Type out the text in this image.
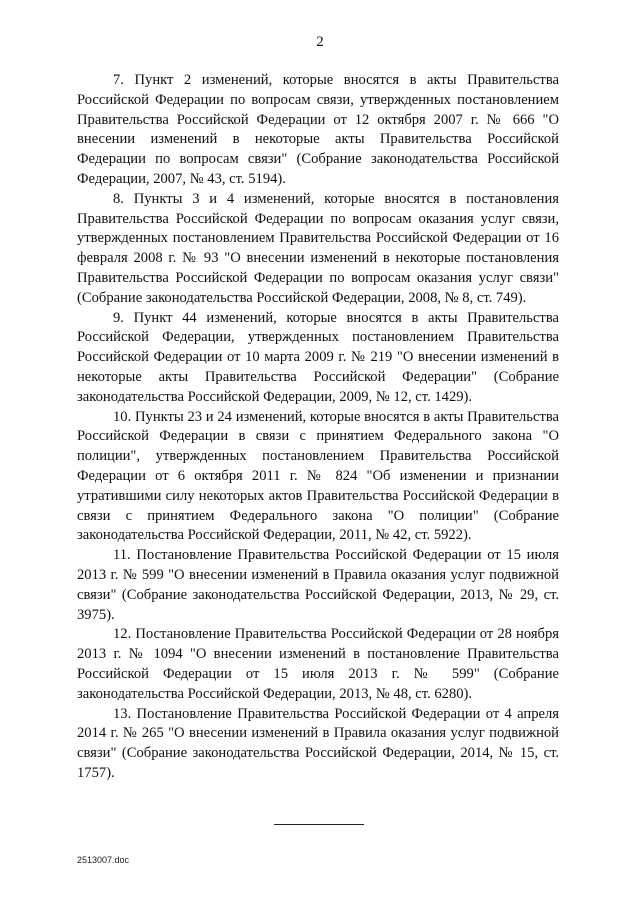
2

7. Пункт 2 изменений, которые вносятся в акты Правительства Российской Федерации по вопросам связи, утвержденных постановлением Правительства Российской Федерации от 12 октября 2007 г. № 666 "О внесении изменений в некоторые акты Правительства Российской Федерации по вопросам связи" (Собрание законодательства Российской Федерации, 2007, № 43, ст. 5194).

8. Пункты 3 и 4 изменений, которые вносятся в постановления Правительства Российской Федерации по вопросам оказания услуг связи, утвержденных постановлением Правительства Российской Федерации от 16 февраля 2008 г. № 93 "О внесении изменений в некоторые постановления Правительства Российской Федерации по вопросам оказания услуг связи" (Собрание законодательства Российской Федерации, 2008, № 8, ст. 749).

9. Пункт 44 изменений, которые вносятся в акты Правительства Российской Федерации, утвержденных постановлением Правительства Российской Федерации от 10 марта 2009 г. № 219 "О внесении изменений в некоторые акты Правительства Российской Федерации" (Собрание законодательства Российской Федерации, 2009, № 12, ст. 1429).

10. Пункты 23 и 24 изменений, которые вносятся в акты Правительства Российской Федерации в связи с принятием Федерального закона "О полиции", утвержденных постановлением Правительства Российской Федерации от 6 октября 2011 г. № 824 "Об изменении и признании утратившими силу некоторых актов Правительства Российской Федерации в связи с принятием Федерального закона "О полиции" (Собрание законодательства Российской Федерации, 2011, № 42, ст. 5922).

11. Постановление Правительства Российской Федерации от 15 июля 2013 г. № 599 "О внесении изменений в Правила оказания услуг подвижной связи" (Собрание законодательства Российской Федерации, 2013, № 29, ст. 3975).

12. Постановление Правительства Российской Федерации от 28 ноября 2013 г. № 1094 "О внесении изменений в постановление Правительства Российской Федерации от 15 июля 2013 г. № 599" (Собрание законодательства Российской Федерации, 2013, № 48, ст. 6280).

13. Постановление Правительства Российской Федерации от 4 апреля 2014 г. № 265 "О внесении изменений в Правила оказания услуг подвижной связи" (Собрание законодательства Российской Федерации, 2014, № 15, ст. 1757).

2513007.doc
